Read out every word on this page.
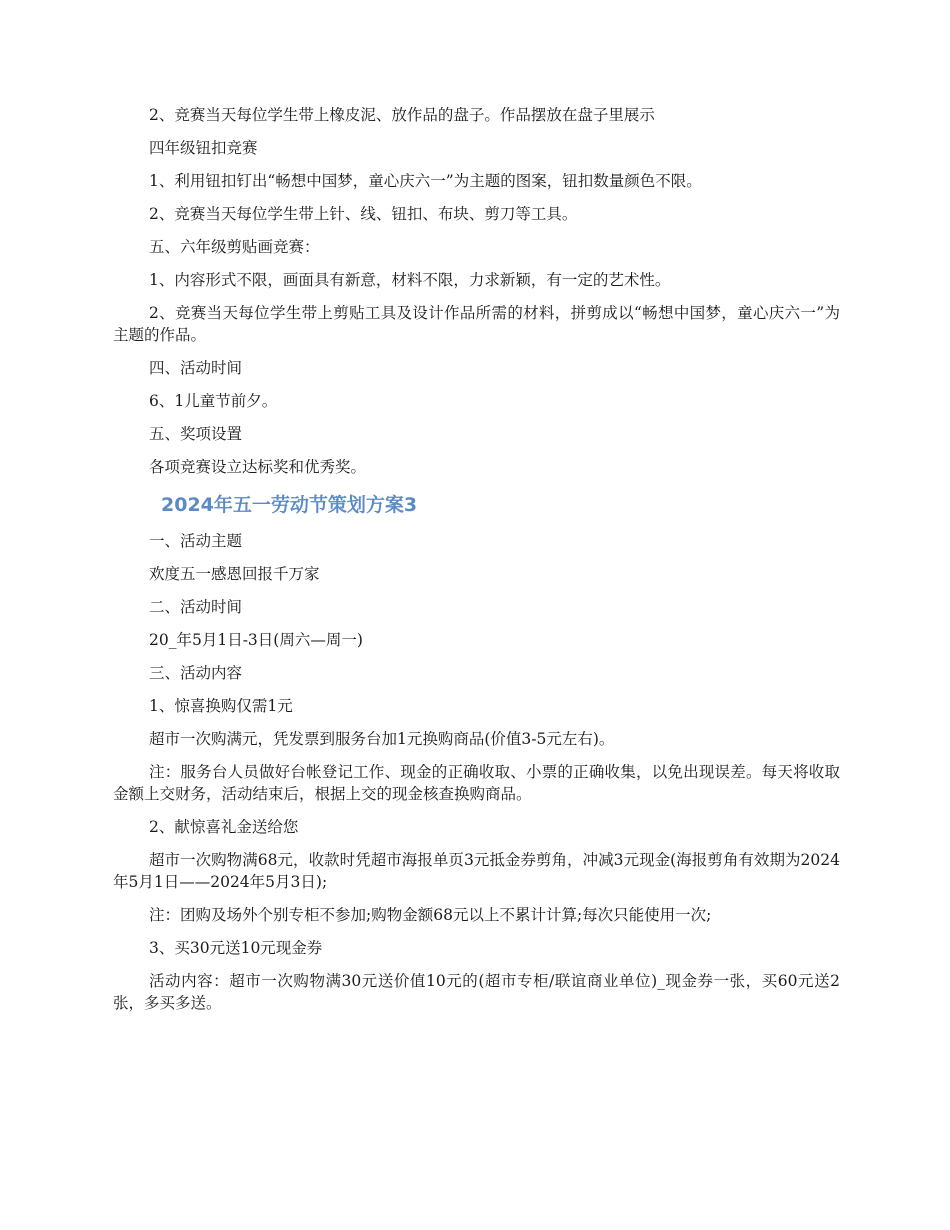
2、竞赛当天每位学生带上橡皮泥、放作品的盘子。作品摆放在盘子里展示

四年级钮扣竞赛

1、利用钮扣钉出“畅想中国梦，童心庆六一”为主题的图案，钮扣数量颜色不限。

2、竞赛当天每位学生带上针、线、钮扣、布块、剪刀等工具。

五、六年级剪贴画竞赛：

1、内容形式不限，画面具有新意，材料不限，力求新颖，有一定的艺术性。

2、竞赛当天每位学生带上剪贴工具及设计作品所需的材料，拼剪成以“畅想中国梦，童心庆六一”为主题的作品。

四、活动时间

6、1儿童节前夕。

五、奖项设置

各项竞赛设立达标奖和优秀奖。

2024年五一劳动节策划方案3

一、活动主题

欢度五一感恩回报千万家

二、活动时间

20_年5月1日-3日(周六—周一)

三、活动内容

1、惊喜换购仅需1元

超市一次购满元，凭发票到服务台加1元换购商品(价值3-5元左右)。

注：服务台人员做好台帐登记工作、现金的正确收取、小票的正确收集，以免出现误差。每天将收取金额上交财务，活动结束后，根据上交的现金核查换购商品。

2、献惊喜礼金送给您

超市一次购物满68元，收款时凭超市海报单页3元抵金券剪角，冲减3元现金(海报剪角有效期为2024年5月1日——2024年5月3日);

注：团购及场外个别专柜不参加;购物金额68元以上不累计计算;每次只能使用一次;

3、买30元送10元现金券

活动内容：超市一次购物满30元送价值10元的(超市专柜/联谊商业单位)_现金券一张，买60元送2张，多买多送。
